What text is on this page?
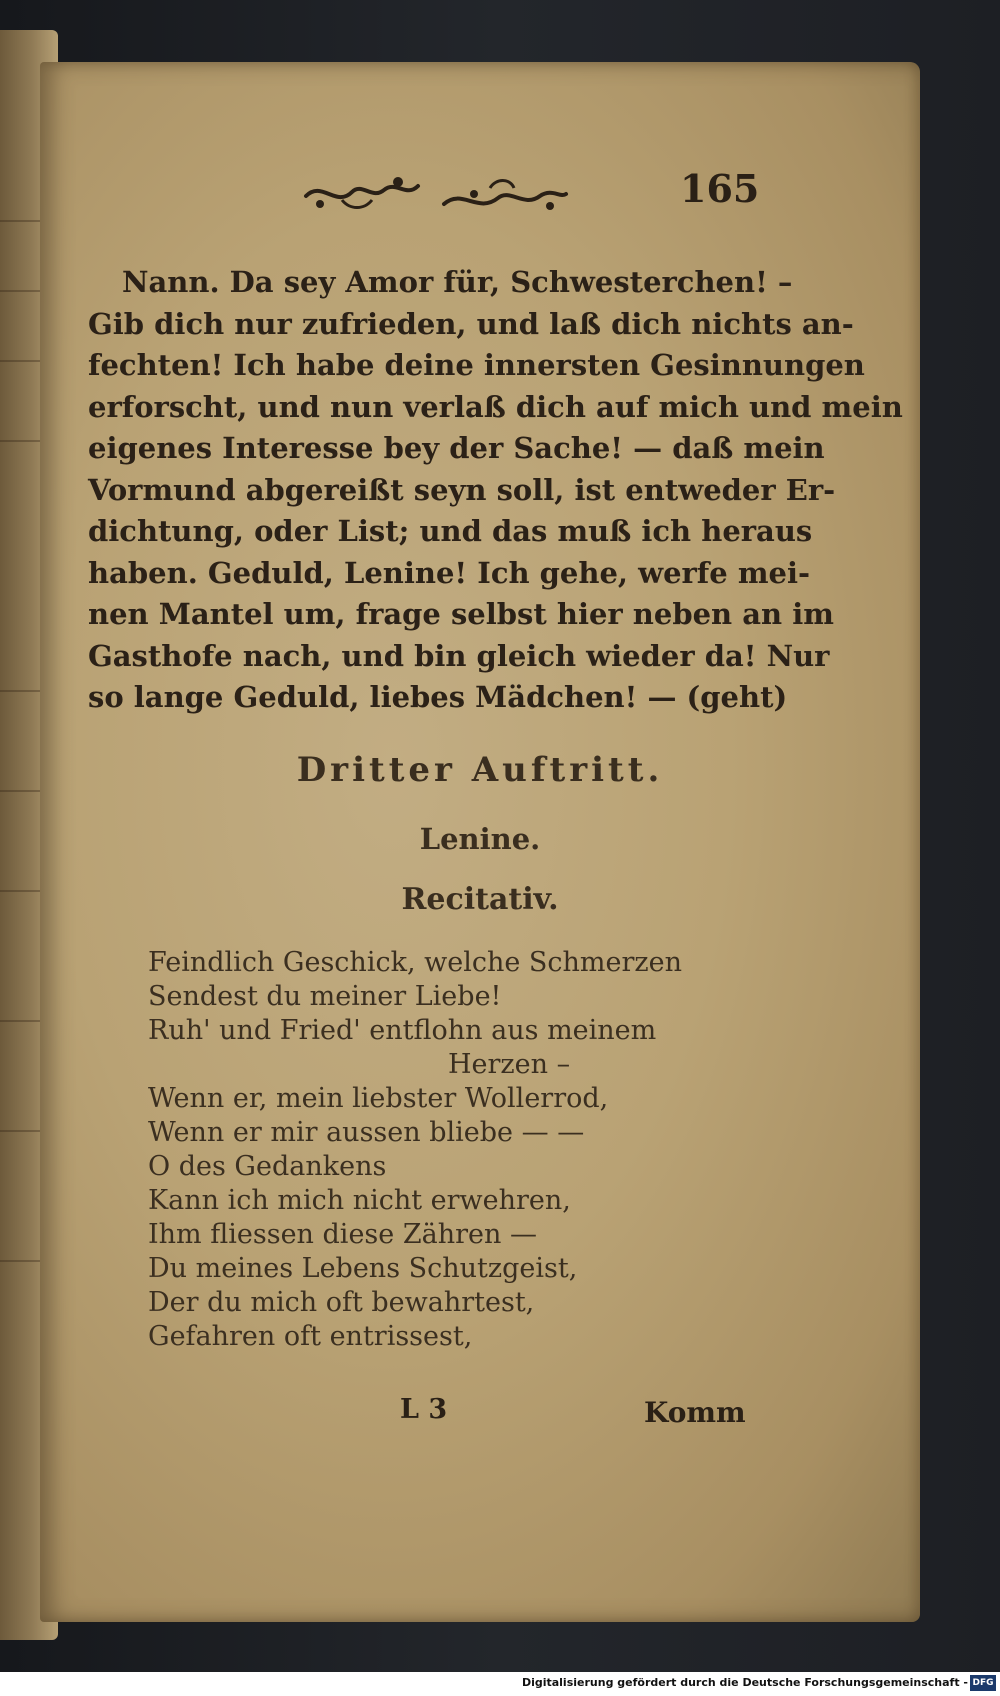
165
Nann. Da sey Amor für, Schwesterchen! –
Gib dich nur zufrieden, und laß dich nichts an-
fechten! Ich habe deine innersten Gesinnungen
erforscht, und nun verlaß dich auf mich und mein
eigenes Interesse bey der Sache! — daß mein
Vormund abgereißt seyn soll, ist entweder Er-
dichtung, oder List; und das muß ich heraus
haben. Geduld, Lenine! Ich gehe, werfe mei-
nen Mantel um, frage selbst hier neben an im
Gasthofe nach, und bin gleich wieder da! Nur
so lange Geduld, liebes Mädchen! — (geht)
Dritter Auftritt.
Lenine.
Recitativ.
Feindlich Geschick, welche Schmerzen
Sendest du meiner Liebe!
Ruh' und Fried' entflohn aus meinem
Herzen –
Wenn er, mein liebster Wollerrod,
Wenn er mir aussen bliebe — —
O des Gedankens
Kann ich mich nicht erwehren,
Ihm fliessen diese Zähren —
Du meines Lebens Schutzgeist,
Der du mich oft bewahrtest,
Gefahren oft entrissest,
L 3	Komm
Digitalisierung gefördert durch die Deutsche Forschungsgemeinschaft - DFG
